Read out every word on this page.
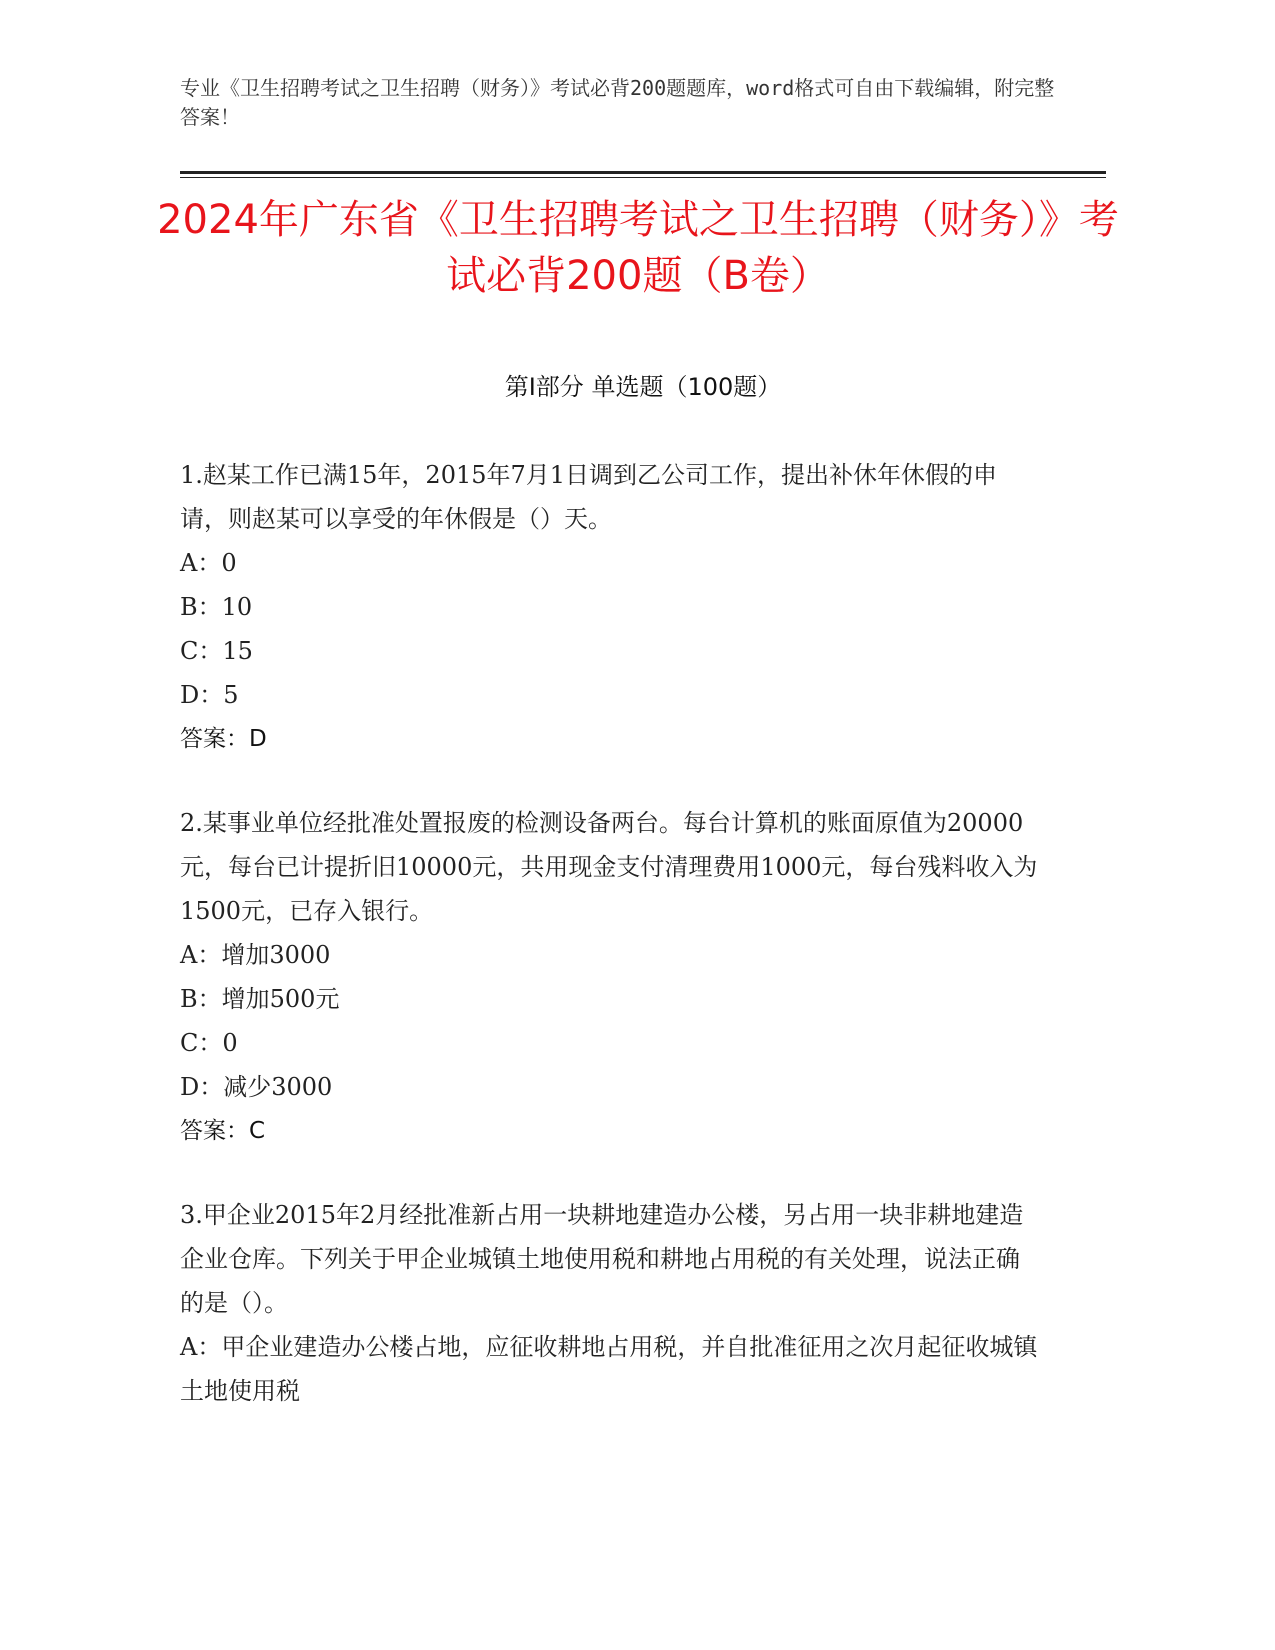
专业《卫生招聘考试之卫生招聘（财务）》考试必背200题题库，word格式可自由下载编辑，附完整答案！
2024年广东省《卫生招聘考试之卫生招聘（财务）》考试必背200题（B卷）
第I部分 单选题（100题）

1.赵某工作已满15年，2015年7月1日调到乙公司工作，提出补休年休假的申请，则赵某可以享受的年休假是（）天。

A：0

B：10

C：15

D：5

答案：D

2.某事业单位经批准处置报废的检测设备两台。每台计算机的账面原值为20000元，每台已计提折旧10000元，共用现金支付清理费用1000元，每台残料收入为1500元，已存入银行。

A：增加3000

B：增加500元

C：0

D：减少3000

答案：C

3.甲企业2015年2月经批准新占用一块耕地建造办公楼，另占用一块非耕地建造企业仓库。下列关于甲企业城镇土地使用税和耕地占用税的有关处理，说法正确的是（）。

A：甲企业建造办公楼占地，应征收耕地占用税，并自批准征用之次月起征收城镇土地使用税
